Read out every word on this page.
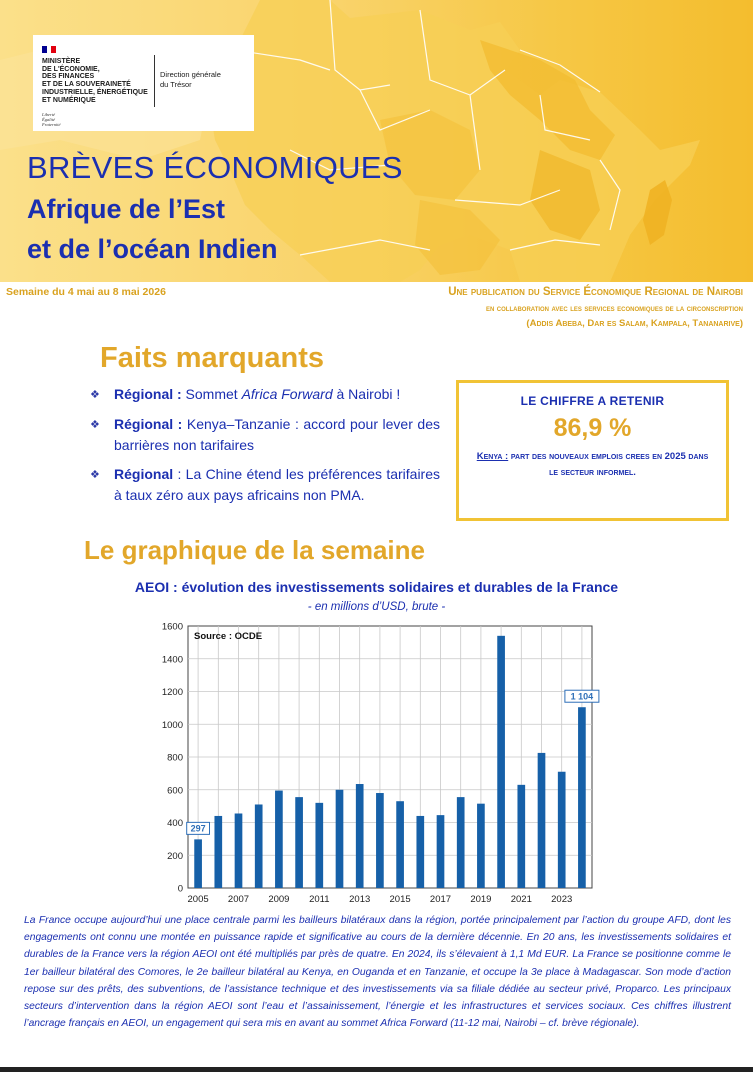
MINISTÈRE
DE L'ÉCONOMIE,
DES FINANCES
ET DE LA SOUVERAINETÉ
INDUSTRIELLE, ÉNERGÉTIQUE
ET NUMÉRIQUE
Liberté
Égalité
Fraternité
Direction générale
du Trésor
BRÈVES ÉCONOMIQUES
Afrique de l’Est
et de l’océan Indien
Semaine du 4 mai au 8 mai 2026	Une publication du Service Économique Regional de Nairobi
en collaboration avec les services economiques de la circonscription
(Addis Abeba, Dar es Salam, Kampala, Tananarive)
Faits marquants
❖	Régional : Sommet Africa Forward à Nairobi !
❖	Régional : Kenya–Tanzanie : accord pour lever des barrières non tarifaires
❖	Régional : La Chine étend les préférences tarifaires à taux zéro aux pays africains non PMA.
LE CHIFFRE A RETENIR
86,9 %
Kenya : part des nouveaux emplois crees en 2025 dans le secteur informel.
Le graphique de la semaine
AEOI : évolution des investissements solidaires et durables de la France
- en millions d’USD, brute -
0
200
400
600
800
1000
1200
1400
1600
2005
297
2007 2009 2011 2013 2015 2017 2019 2021 2023
1 104
Source : OCDE
La France occupe aujourd’hui une place centrale parmi les bailleurs bilatéraux dans la région, portée principalement par l’action du groupe AFD, dont les engagements ont connu une montée en puissance rapide et significative au cours de la dernière décennie. En 20 ans, les investissements solidaires et durables de la France vers la région AEOI ont été multipliés par près de quatre. En 2024, ils s’élevaient à 1,1 Md EUR. La France se positionne comme le 1er bailleur bilatéral des Comores, le 2e bailleur bilatéral au Kenya, en Ouganda et en Tanzanie, et occupe la 3e place à Madagascar. Son mode d’action repose sur des prêts, des subventions, de l’assistance technique et des investissements via sa filiale dédiée au secteur privé, Proparco. Les principaux secteurs d’intervention dans la région AEOI sont l’eau et l’assainissement, l’énergie et les infrastructures et services sociaux. Ces chiffres illustrent l’ancrage français en AEOI, un engagement qui sera mis en avant au sommet Africa Forward (11-12 mai, Nairobi – cf. brève régionale).
